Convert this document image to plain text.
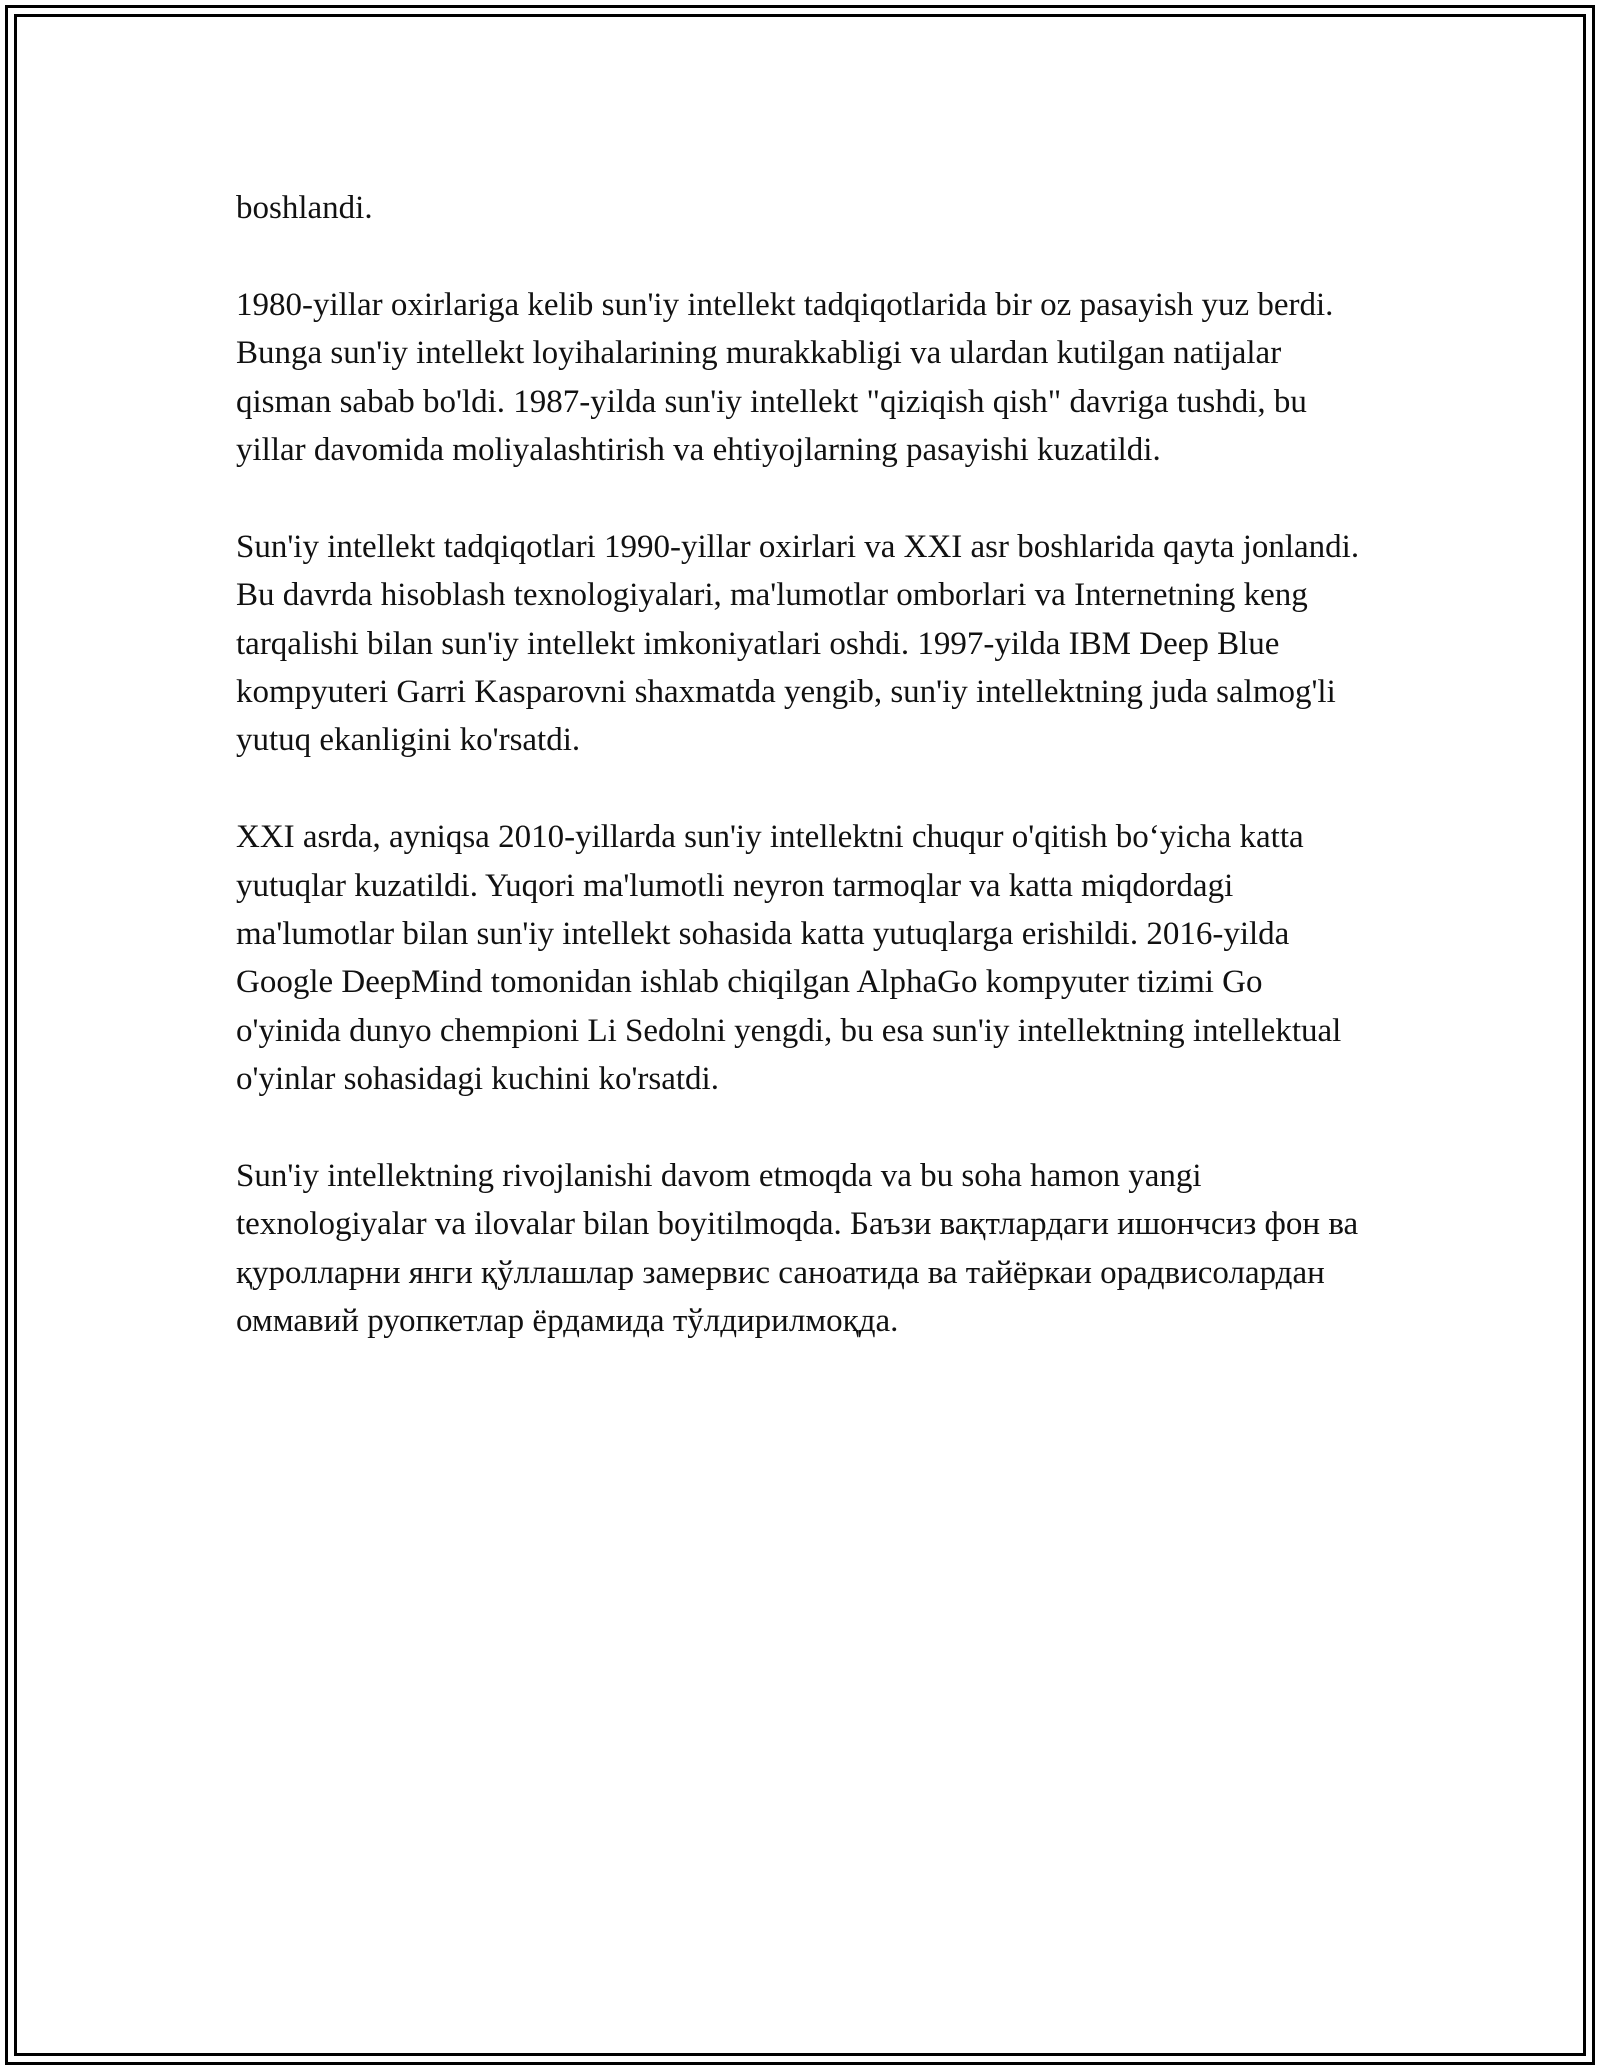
boshlandi.

1980-yillar oxirlariga kelib sun'iy intellekt tadqiqotlarida bir oz pasayish yuz berdi. Bunga sun'iy intellekt loyihalarining murakkabligi va ulardan kutilgan natijalar qisman sabab bo'ldi. 1987-yilda sun'iy intellekt "qiziqish qish" davriga tushdi, bu yillar davomida moliyalashtirish va ehtiyojlarning pasayishi kuzatildi.

Sun'iy intellekt tadqiqotlari 1990-yillar oxirlari va XXI asr boshlarida qayta jonlandi. Bu davrda hisoblash texnologiyalari, ma'lumotlar omborlari va Internetning keng tarqalishi bilan sun'iy intellekt imkoniyatlari oshdi. 1997-yilda IBM Deep Blue kompyuteri Garri Kasparovni shaxmatda yengib, sun'iy intellektning juda salmog'li yutuq ekanligini ko'rsatdi.

XXI asrda, ayniqsa 2010-yillarda sun'iy intellektni chuqur o'qitish bo‘yicha katta yutuqlar kuzatildi. Yuqori ma'lumotli neyron tarmoqlar va katta miqdordagi ma'lumotlar bilan sun'iy intellekt sohasida katta yutuqlarga erishildi. 2016-yilda Google DeepMind tomonidan ishlab chiqilgan AlphaGo kompyuter tizimi Go o'yinida dunyo chempioni Li Sedolni yengdi, bu esa sun'iy intellektning intellektual o'yinlar sohasidagi kuchini ko'rsatdi.

Sun'iy intellektning rivojlanishi davom etmoqda va bu soha hamon yangi texnologiyalar va ilovalar bilan boyitilmoqda. Баъзи вақтлардаги ишончсиз фон ва қуролларни янги қўллашлар замервис саноатида ва тайёркаи орадвисолардан оммавий руопкетлар ёрдамида тўлдирилмоқда.
